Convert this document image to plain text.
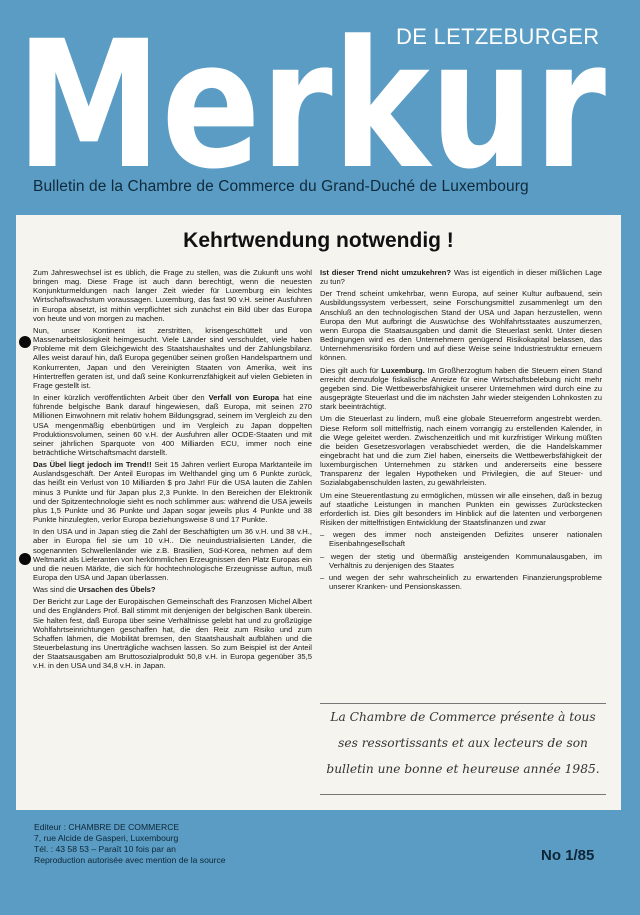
DE LETZEBURGER
Merkur
Bulletin de la Chambre de Commerce du Grand-Duché de Luxembourg
Kehrtwendung notwendig !

Zum Jahreswechsel ist es üblich, die Frage zu stellen, was die Zukunft uns wohl bringen mag. Diese Frage ist auch dann berechtigt, wenn die neuesten Konjunkturmeldungen nach langer Zeit wieder für Luxemburg ein leichtes Wirtschaftswachstum voraussagen. Luxemburg, das fast 90 v.H. seiner Ausfuhren in Europa absetzt, ist mithin verpflichtet sich zunächst ein Bild über das Europa von heute und von morgen zu machen.

Nun, unser Kontinent ist zerstritten, krisengeschüttelt und von Massenarbeitslosigkeit heimgesucht. Viele Länder sind verschuldet, viele haben Probleme mit dem Gleichgewicht des Staatshaushaltes und der Zahlungsbilanz. Alles weist darauf hin, daß Europa gegenüber seinen großen Handelspartnern und Konkurrenten, Japan und den Vereinigten Staaten von Amerika, weit ins Hintertreffen geraten ist, und daß seine Konkurrenzfähigkeit auf vielen Gebieten in Frage gestellt ist.

In einer kürzlich veröffentlichten Arbeit über den Verfall von Europa hat eine führende belgische Bank darauf hingewiesen, daß Europa, mit seinen 270 Millionen Einwohnern mit relativ hohem Bildungsgrad, seinem im Vergleich zu den USA mengenmäßig ebenbürtigen und im Vergleich zu Japan doppelten Produktionsvolumen, seinen 60 v.H. der Ausfuhren aller OCDE-Staaten und mit seiner jährlichen Sparquote von 400 Milliarden ECU, immer noch eine beträchtliche Wirtschaftsmacht darstellt.

Das Übel liegt jedoch im Trend!! Seit 15 Jahren verliert Europa Marktanteile im Auslandsgeschäft. Der Anteil Europas im Welthandel ging um 6 Punkte zurück, das heißt ein Verlust von 10 Milliarden $ pro Jahr! Für die USA lauten die Zahlen minus 3 Punkte und für Japan plus 2,3 Punkte. In den Bereichen der Elektronik und der Spitzentechnologie sieht es noch schlimmer aus: während die USA jeweils plus 1,5 Punkte und 36 Punkte und Japan sogar jeweils plus 4 Punkte und 38 Punkte hinzulegten, verlor Europa beziehungsweise 8 und 17 Punkte.

In den USA und in Japan stieg die Zahl der Beschäftigten um 36 v.H. und 38 v.H., aber in Europa fiel sie um 10 v.H.. Die neuindustrialisierten Länder, die sogenannten Schwellenländer wie z.B. Brasilien, Süd-Korea, nehmen auf dem Weltmarkt als Lieferanten von herkömmlichen Erzeugnissen den Platz Europas ein und die neuen Märkte, die sich für hochtechnologische Erzeugnisse auftun, muß Europa den USA und Japan überlassen.

Was sind die Ursachen des Übels?

Der Bericht zur Lage der Europäischen Gemeinschaft des Franzosen Michel Albert und des Engländers Prof. Ball stimmt mit denjenigen der belgischen Bank überein. Sie halten fest, daß Europa über seine Verhältnisse gelebt hat und zu großzügige Wohlfahrtseinrichtungen geschaffen hat, die den Reiz zum Risiko und zum Schaffen lähmen, die Mobilität bremsen, den Staatshaushalt aufblähen und die Steuerbelastung ins Unerträgliche wachsen lassen. So zum Beispiel ist der Anteil der Staatsausgaben am Bruttosozialprodukt 50,8 v.H. in Europa gegenüber 35,5 v.H. in den USA und 34,8 v.H. in Japan.

Ist dieser Trend nicht umzukehren? Was ist eigentlich in dieser mißlichen Lage zu tun?

Der Trend scheint umkehrbar, wenn Europa, auf seiner Kultur aufbauend, sein Ausbildungssystem verbessert, seine Forschungsmittel zusammenlegt um den Anschluß an den technologischen Stand der USA und Japan herzustellen, wenn Europa den Mut aufbringt die Auswüchse des Wohlfahrtsstaates auszumerzen, wenn Europa die Staatsausgaben und damit die Steuerlast senkt. Unter diesen Bedingungen wird es den Unternehmern genügend Risikokapital belassen, das Unternehmensrisiko fördern und auf diese Weise seine Industriestruktur erneuern können.

Dies gilt auch für Luxemburg. Im Großherzogtum haben die Steuern einen Stand erreicht demzufolge fiskalische Anreize für eine Wirtschaftsbelebung nicht mehr gegeben sind. Die Wettbewerbsfähigkeit unserer Unternehmen wird durch eine zu ausgeprägte Steuerlast und die im nächsten Jahr wieder steigenden Lohnkosten zu stark beeinträchtigt.

Um die Steuerlast zu lindern, muß eine globale Steuerreform angestrebt werden. Diese Reform soll mittelfristig, nach einem vorrangig zu erstellenden Kalender, in die Wege geleitet werden. Zwischenzeitlich und mit kurzfristiger Wirkung müßten die beiden Gesetzesvorlagen verabschiedet werden, die die Handelskammer eingebracht hat und die zum Ziel haben, einerseits die Wettbewerbsfähigkeit der luxemburgischen Unternehmen zu stärken und andererseits eine bessere Transparenz der legalen Hypotheken und Privilegien, die auf Steuer- und Sozialabgabenschulden lasten, zu gewährleisten.

Um eine Steuerentlastung zu ermöglichen, müssen wir alle einsehen, daß in bezug auf staatliche Leistungen in manchen Punkten ein gewisses Zurückstecken erforderlich ist. Dies gilt besonders im Hinblick auf die latenten und verborgenen Risiken der mittelfristigen Entwicklung der Staatsfinanzen und zwar

– wegen des immer noch ansteigenden Defizites unserer nationalen Eisenbahngesellschaft

– wegen der stetig und übermäßig ansteigenden Kommunalausgaben, im Verhältnis zu denjenigen des Staates

– und wegen der sehr wahrscheinlich zu erwartenden Finanzierungsprobleme unserer Kranken- und Pensionskassen.

La Chambre de Commerce présente à tous ses ressortissants et aux lecteurs de son bulletin une bonne et heureuse année 1985.
Editeur : CHAMBRE DE COMMERCE
7, rue Alcide de Gasperi, Luxembourg
Tél. : 43 58 53 – Paraît 10 fois par an
Reproduction autorisée avec mention de la source	No 1/85
